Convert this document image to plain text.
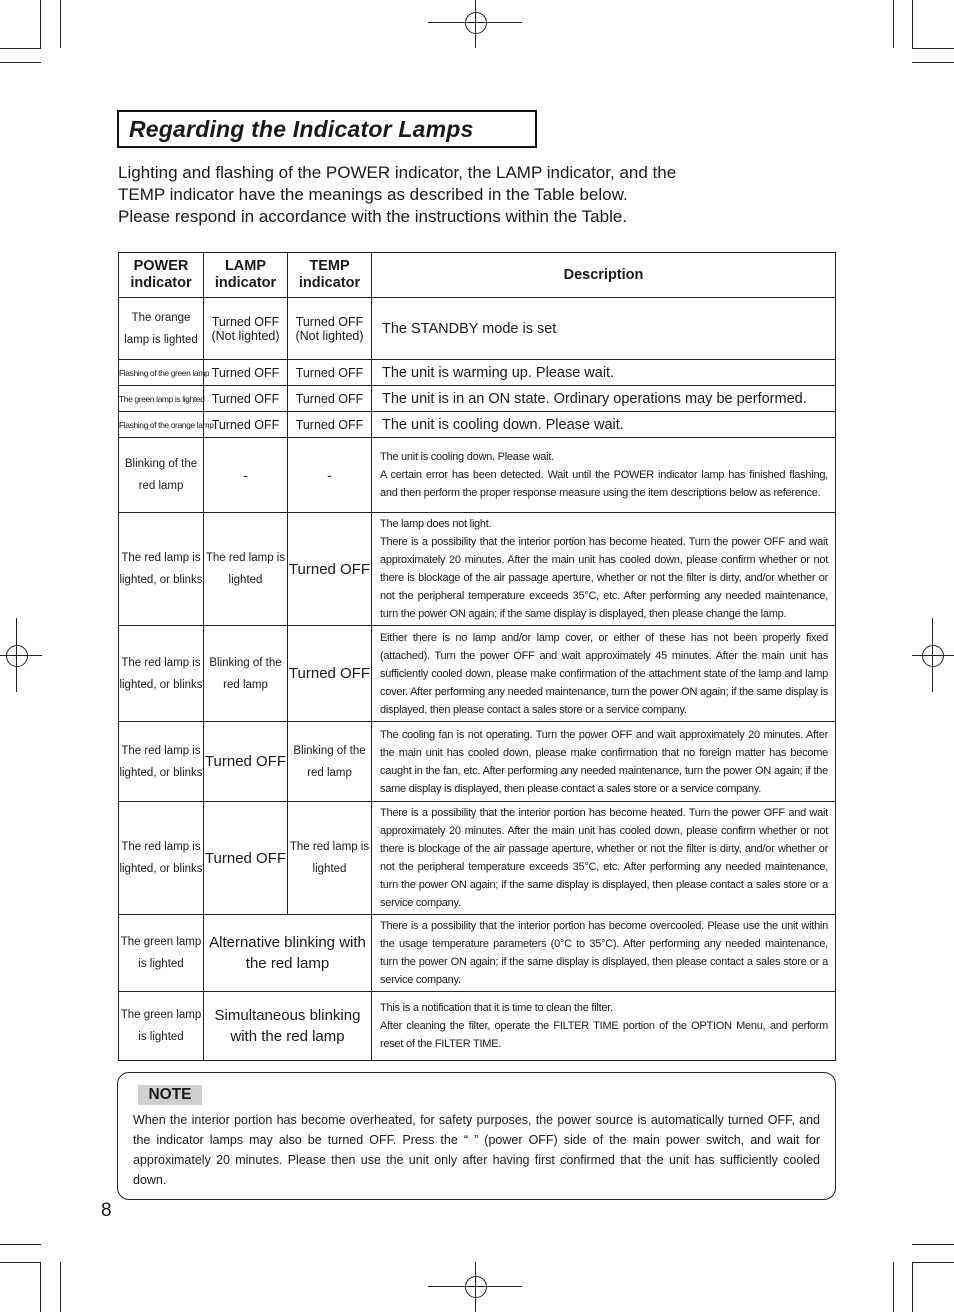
Regarding the Indicator Lamps
Lighting and flashing of the POWER indicator, the LAMP indicator, and the
TEMP indicator have the meanings as described in the Table below.
Please respond in accordance with the instructions within the Table.
POWER indicator	LAMP indicator	TEMP indicator	Description
The orange lamp is lighted	Turned OFF (Not lighted)	Turned OFF (Not lighted)	The STANDBY mode is set
Flashing of the green lamp	Turned OFF	Turned OFF	The unit is warming up. Please wait.
The green lamp is lighted	Turned OFF	Turned OFF	The unit is in an ON state. Ordinary operations may be performed.
Flashing of the orange lamp	Turned OFF	Turned OFF	The unit is cooling down. Please wait.
Blinking of the red lamp	-	-	The unit is cooling down. Please wait.
A certain error has been detected. Wait until the POWER indicator lamp has finished flashing, and then perform the proper response measure using the item descriptions below as reference.

The red lamp is lighted, or blinks	The red lamp is lighted	Turned OFF	The lamp does not light.
There is a possibility that the interior portion has become heated. Turn the power OFF and wait approximately 20 minutes. After the main unit has cooled down, please confirm whether or not there is blockage of the air passage aperture, whether or not the filter is dirty, and/or whether or not the peripheral temperature exceeds 35°C, etc. After performing any needed maintenance, turn the power ON again; if the same display is displayed, then please change the lamp.

The red lamp is lighted, or blinks	Blinking of the red lamp	Turned OFF	Either there is no lamp and/or lamp cover, or either of these has not been properly fixed (attached). Turn the power OFF and wait approximately 45 minutes. After the main unit has sufficiently cooled down, please make confirmation of the attachment state of the lamp and lamp cover. After performing any needed maintenance, turn the power ON again; if the same display is displayed, then please contact a sales store or a service company.

The red lamp is lighted, or blinks	Turned OFF	Blinking of the red lamp	The cooling fan is not operating. Turn the power OFF and wait approximately 20 minutes. After the main unit has cooled down, please make confirmation that no foreign matter has become caught in the fan, etc. After performing any needed maintenance, turn the power ON again; if the same display is displayed, then please contact a sales store or a service company.

The red lamp is lighted, or blinks	Turned OFF	The red lamp is lighted	There is a possibility that the interior portion has become heated. Turn the power OFF and wait approximately 20 minutes. After the main unit has cooled down, please confirm whether or not there is blockage of the air passage aperture, whether or not the filter is dirty, and/or whether or not the peripheral temperature exceeds 35°C, etc. After performing any needed maintenance, turn the power ON again; if the same display is displayed, then please contact a sales store or a service company.

The green lamp is lighted	Alternative blinking with the red lamp		There is a possibility that the interior portion has become overcooled. Please use the unit within the usage temperature parameters (0°C to 35°C). After performing any needed maintenance, turn the power ON again; if the same display is displayed, then please contact a sales store or a service company.

The green lamp is lighted	Simultaneous blinking with the red lamp		This is a notification that it is time to clean the filter.
After cleaning the filter, operate the FILTER TIME portion of the OPTION Menu, and perform reset of the FILTER TIME.
NOTE
When the interior portion has become overheated, for safety purposes, the power source is automatically turned OFF, and the indicator lamps may also be turned OFF. Press the “ ” (power OFF) side of the main power switch, and wait for approximately 20 minutes. Please then use the unit only after having first confirmed that the unit has sufficiently cooled down.
8
